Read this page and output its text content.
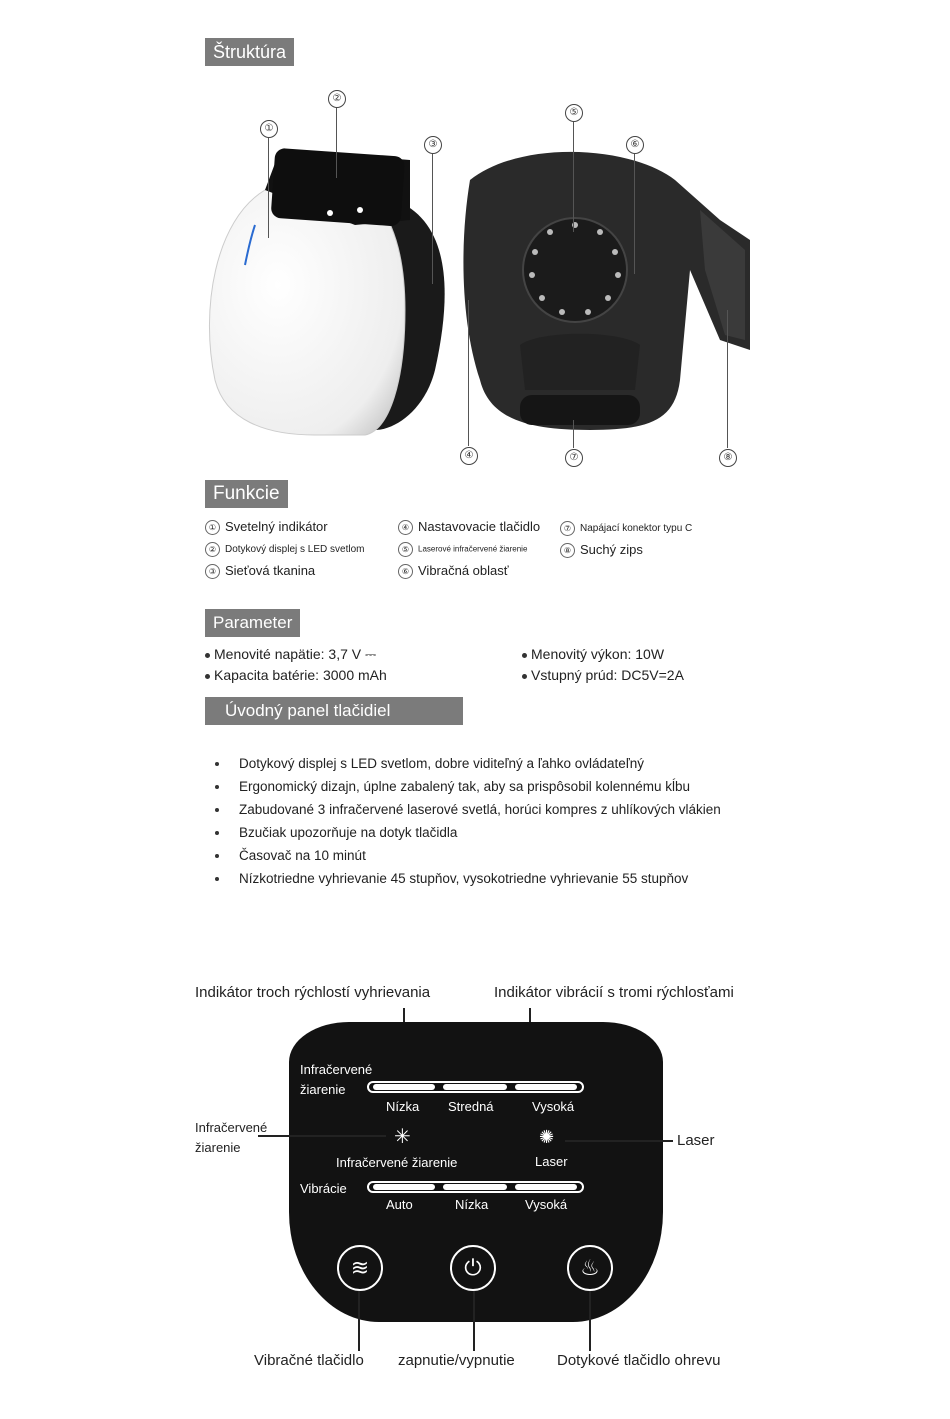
Štruktúra
①
②
③
⑤
⑥
④	⑦	⑧
Funkcie
① Svetelný indikátor
② Dotykový displej s LED svetlom
③ Sieťová tkanina
④ Nastavovacie tlačidlo
⑤ Laserové infračervené žiarenie
⑥ Vibračná oblasť
⑦ Napájací konektor typu C
⑧ Suchý zips
Parameter
Menovité napätie: 3,7 V ⎓
Kapacita batérie: 3000 mAh
Menovitý výkon: 10W
Vstupný prúd: DC5V=2A
Úvodný panel tlačidiel
Dotykový displej s LED svetlom, dobre viditeľný a ľahko ovládateľný
Ergonomický dizajn, úplne zabalený tak, aby sa prispôsobil kolennému kĺbu
Zabudované 3 infračervené laserové svetlá, horúci kompres z uhlíkových vlákien
Bzučiak upozorňuje na dotyk tlačidla
Časovač na 10 minút
Nízkotriedne vyhrievanie 45 stupňov, vysokotriedne vyhrievanie 55 stupňov
Indikátor troch rýchlostí vyhrievania	Indikátor vibrácií s tromi rýchlosťami
Infračervené
žiarenie
Nízka Stredná	Vysoká
✳
Infračervené žiarenie
✺
Laser
Vibrácie
Auto	Nízka	Vysoká
≋	⏻	♨
Infračervené
žiarenie	Laser
Vibračné tlačidlo zapnutie/vypnutie	Dotykové tlačidlo ohrevu
